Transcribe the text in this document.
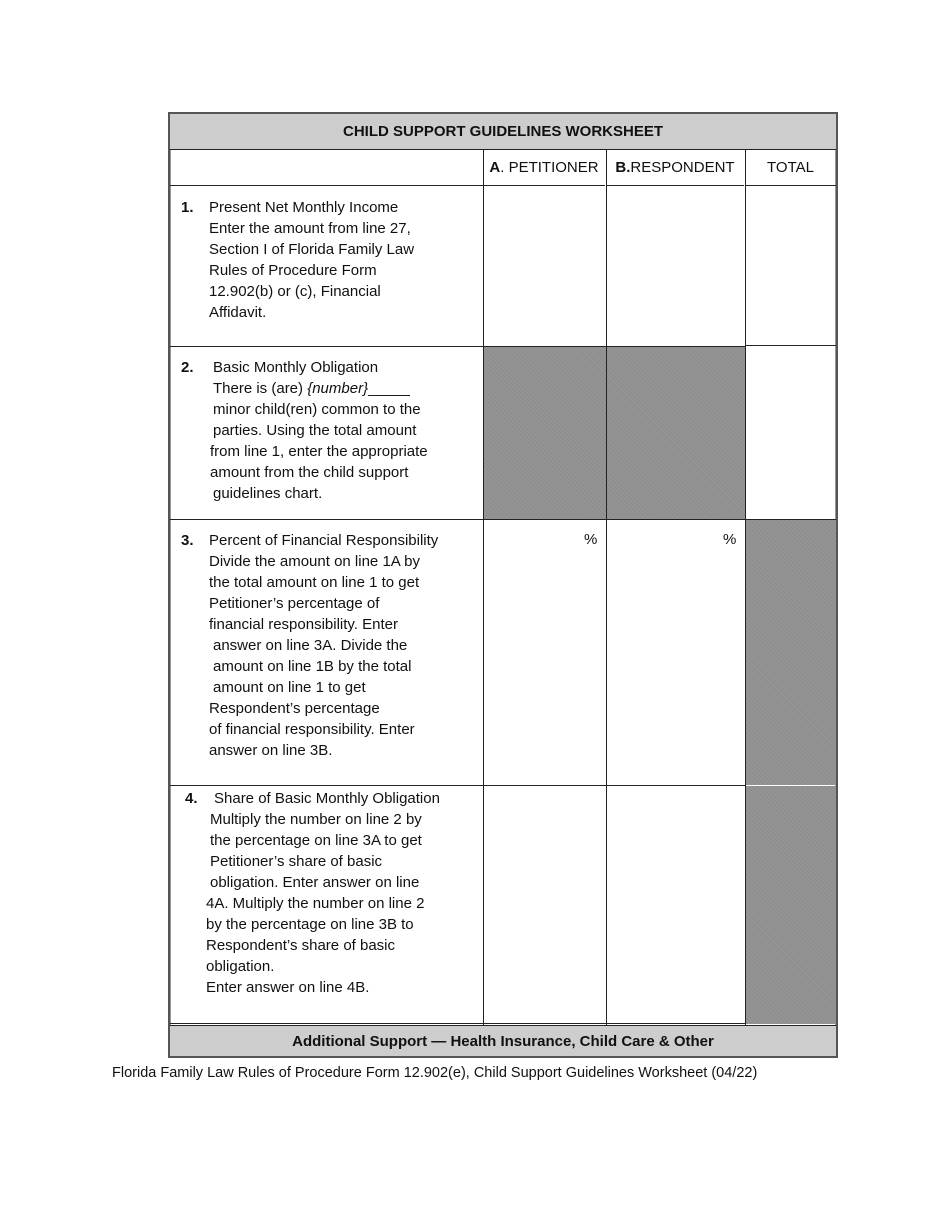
CHILD SUPPORT GUIDELINES WORKSHEET
A . PETITIONER B. RESPONDENT TOTAL
1. Present Net Monthly Income
Enter the amount from line 27,
Section I of Florida Family Law
Rules of Procedure Form
12.902(b) or (c), Financial
Affidavit.
2. Basic Monthly Obligation
There is (are) {number}_____
minor child(ren) common to the
parties. Using the total amount
from line 1, enter the appropriate
amount from the child support
guidelines chart.
3. Percent of Financial Responsibility
Divide the amount on line 1A by
the total amount on line 1 to get
Petitioner’s percentage of
financial responsibility. Enter
answer on line 3A. Divide the
amount on line 1B by the total
amount on line 1 to get
Respondent’s percentage
of financial responsibility. Enter
answer on line 3B.
%	%
4. Share of Basic Monthly Obligation
Multiply the number on line 2 by
the percentage on line 3A to get
Petitioner’s share of basic
obligation. Enter answer on line
4A. Multiply the number on line 2
by the percentage on line 3B to
Respondent’s share of basic
obligation.
Enter answer on line 4B.
Additional Support — Health Insurance, Child Care & Other
Florida Family Law Rules of Procedure Form 12.902(e), Child Support Guidelines Worksheet (04/22)
